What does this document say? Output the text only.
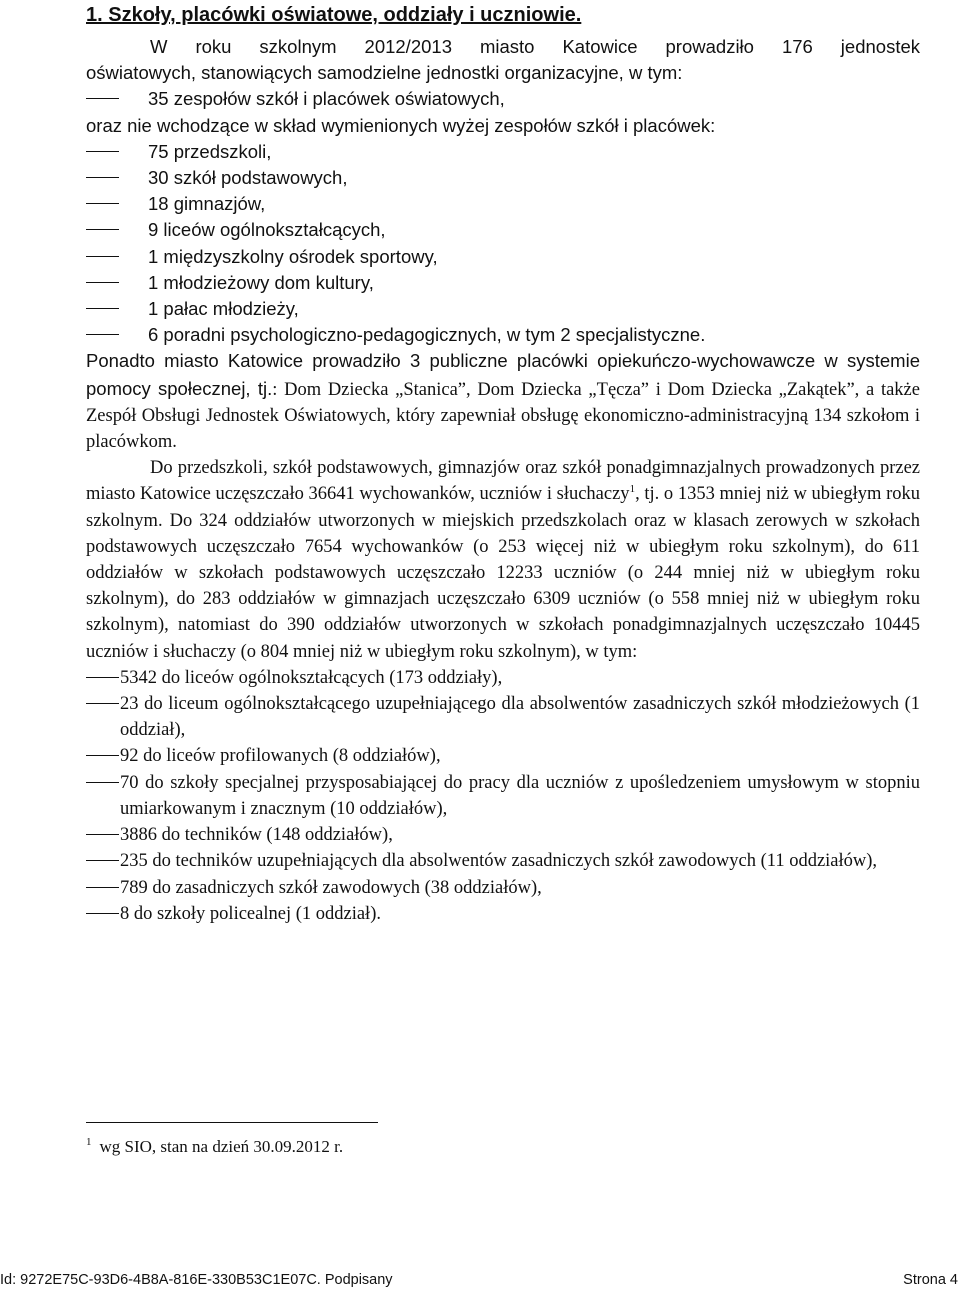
1. Szkoły, placówki oświatowe, oddziały i uczniowie.

W roku szkolnym 2012/2013 miasto Katowice prowadziło 176 jednostek

oświatowych, stanowiących samodzielne jednostki organizacyjne, w tym:

35 zespołów szkół i placówek oświatowych,

oraz nie wchodzące w skład wymienionych wyżej zespołów szkół i placówek:

75 przedszkoli,
30 szkół podstawowych,
18 gimnazjów,
9 liceów ogólnokształcących,
1 międzyszkolny ośrodek sportowy,
1 młodzieżowy dom kultury,
1 pałac młodzieży,
6 poradni psychologiczno-pedagogicznych, w tym 2 specjalistyczne.

Ponadto miasto Katowice prowadziło 3 publiczne placówki opiekuńczo-wychowawcze w systemie pomocy społecznej, tj.: Dom Dziecka „Stanica”, Dom Dziecka „Tęcza” i Dom Dziecka „Zakątek”, a także Zespół Obsługi Jednostek Oświatowych, który zapewniał obsługę ekonomiczno-administracyjną 134 szkołom i placówkom.

Do przedszkoli, szkół podstawowych, gimnazjów oraz szkół ponadgimnazjalnych prowadzonych przez miasto Katowice uczęszczało 36641 wychowanków, uczniów i słuchaczy$^1$, tj. o 1353 mniej niż w ubiegłym roku szkolnym. Do 324 oddziałów utworzonych w miejskich przedszkolach oraz w klasach zerowych w szkołach podstawowych uczęszczało 7654 wychowanków (o 253 więcej niż w ubiegłym roku szkolnym), do 611 oddziałów w szkołach podstawowych uczęszczało 12233 uczniów (o 244 mniej niż w ubiegłym roku szkolnym), do 283 oddziałów w gimnazjach uczęszczało 6309 uczniów (o 558 mniej niż w ubiegłym roku szkolnym), natomiast do 390 oddziałów utworzonych w szkołach ponadgimnazjalnych uczęszczało 10445 uczniów i słuchaczy (o 804 mniej niż w ubiegłym roku szkolnym), w tym:

5342 do liceów ogólnokształcących (173 oddziały),
23 do liceum ogólnokształcącego uzupełniającego dla absolwentów zasadniczych szkół młodzieżowych (1 oddział),
92 do liceów profilowanych (8 oddziałów),
70 do szkoły specjalnej przysposabiającej do pracy dla uczniów z upośledzeniem umysłowym w stopniu umiarkowanym i znacznym (10 oddziałów),
3886 do techników (148 oddziałów),
235 do techników uzupełniających dla absolwentów zasadniczych szkół zawodowych (11 oddziałów),
789 do zasadniczych szkół zawodowych (38 oddziałów),
8 do szkoły policealnej (1 oddział).
$^1$ wg SIO, stan na dzień 30.09.2012 r.
Id: 9272E75C-93D6-4B8A-816E-330B53C1E07C. Podpisany	Strona 4
